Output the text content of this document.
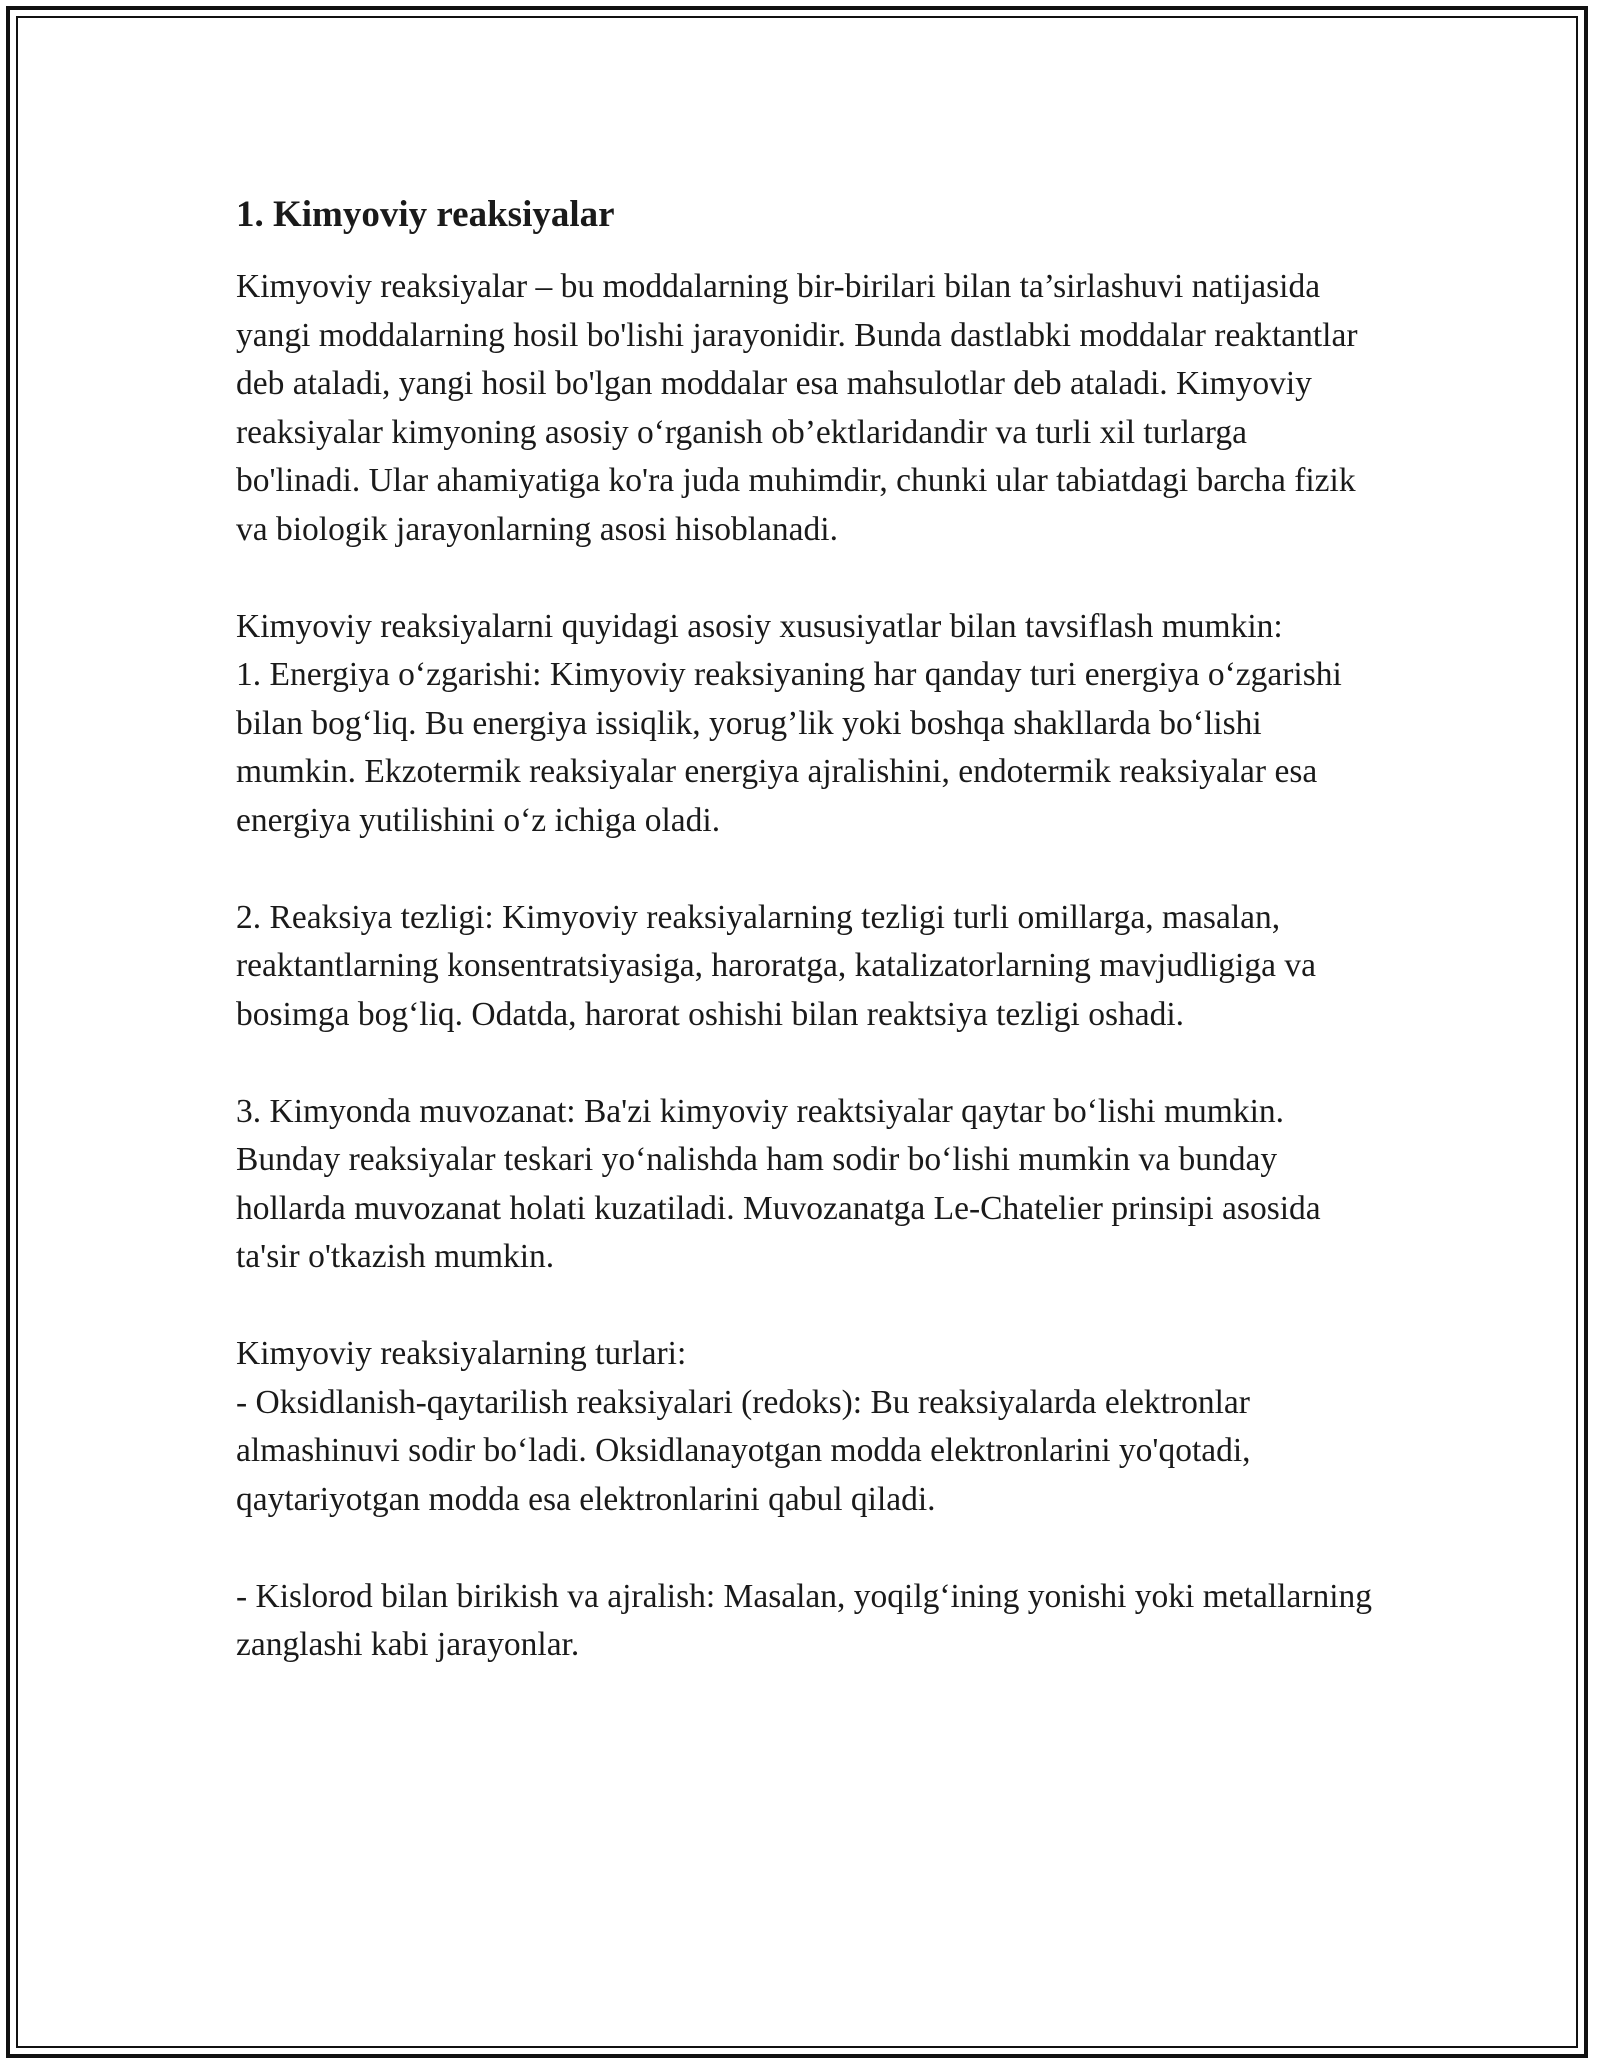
1. Kimyoviy reaksiyalar

Kimyoviy reaksiyalar – bu moddalarning bir-birilari bilan ta’sirlashuvi natijasida yangi moddalarning hosil bo'lishi jarayonidir. Bunda dastlabki moddalar reaktantlar deb ataladi, yangi hosil bo'lgan moddalar esa mahsulotlar deb ataladi. Kimyoviy reaksiyalar kimyoning asosiy o‘rganish ob’ektlaridandir va turli xil turlarga bo'linadi. Ular ahamiyatiga ko'ra juda muhimdir, chunki ular tabiatdagi barcha fizik va biologik jarayonlarning asosi hisoblanadi.

Kimyoviy reaksiyalarni quyidagi asosiy xususiyatlar bilan tavsiflash mumkin:

1. Energiya o‘zgarishi: Kimyoviy reaksiyaning har qanday turi energiya o‘zgarishi bilan bog‘liq. Bu energiya issiqlik, yorug’lik yoki boshqa shakllarda bo‘lishi mumkin. Ekzotermik reaksiyalar energiya ajralishini, endotermik reaksiyalar esa energiya yutilishini o‘z ichiga oladi.

2. Reaksiya tezligi: Kimyoviy reaksiyalarning tezligi turli omillarga, masalan, reaktantlarning konsentratsiyasiga, haroratga, katalizatorlarning mavjudligiga va bosimga bog‘liq. Odatda, harorat oshishi bilan reaktsiya tezligi oshadi.

3. Kimyonda muvozanat: Ba'zi kimyoviy reaktsiyalar qaytar bo‘lishi mumkin. Bunday reaksiyalar teskari yo‘nalishda ham sodir bo‘lishi mumkin va bunday hollarda muvozanat holati kuzatiladi. Muvozanatga Le-Chatelier prinsipi asosida ta'sir o'tkazish mumkin.

Kimyoviy reaksiyalarning turlari:

- Oksidlanish-qaytarilish reaksiyalari (redoks): Bu reaksiyalarda elektronlar almashinuvi sodir bo‘ladi. Oksidlanayotgan modda elektronlarini yo'qotadi, qaytariyotgan modda esa elektronlarini qabul qiladi.

- Kislorod bilan birikish va ajralish: Masalan, yoqilg‘ining yonishi yoki metallarning zanglashi kabi jarayonlar.
